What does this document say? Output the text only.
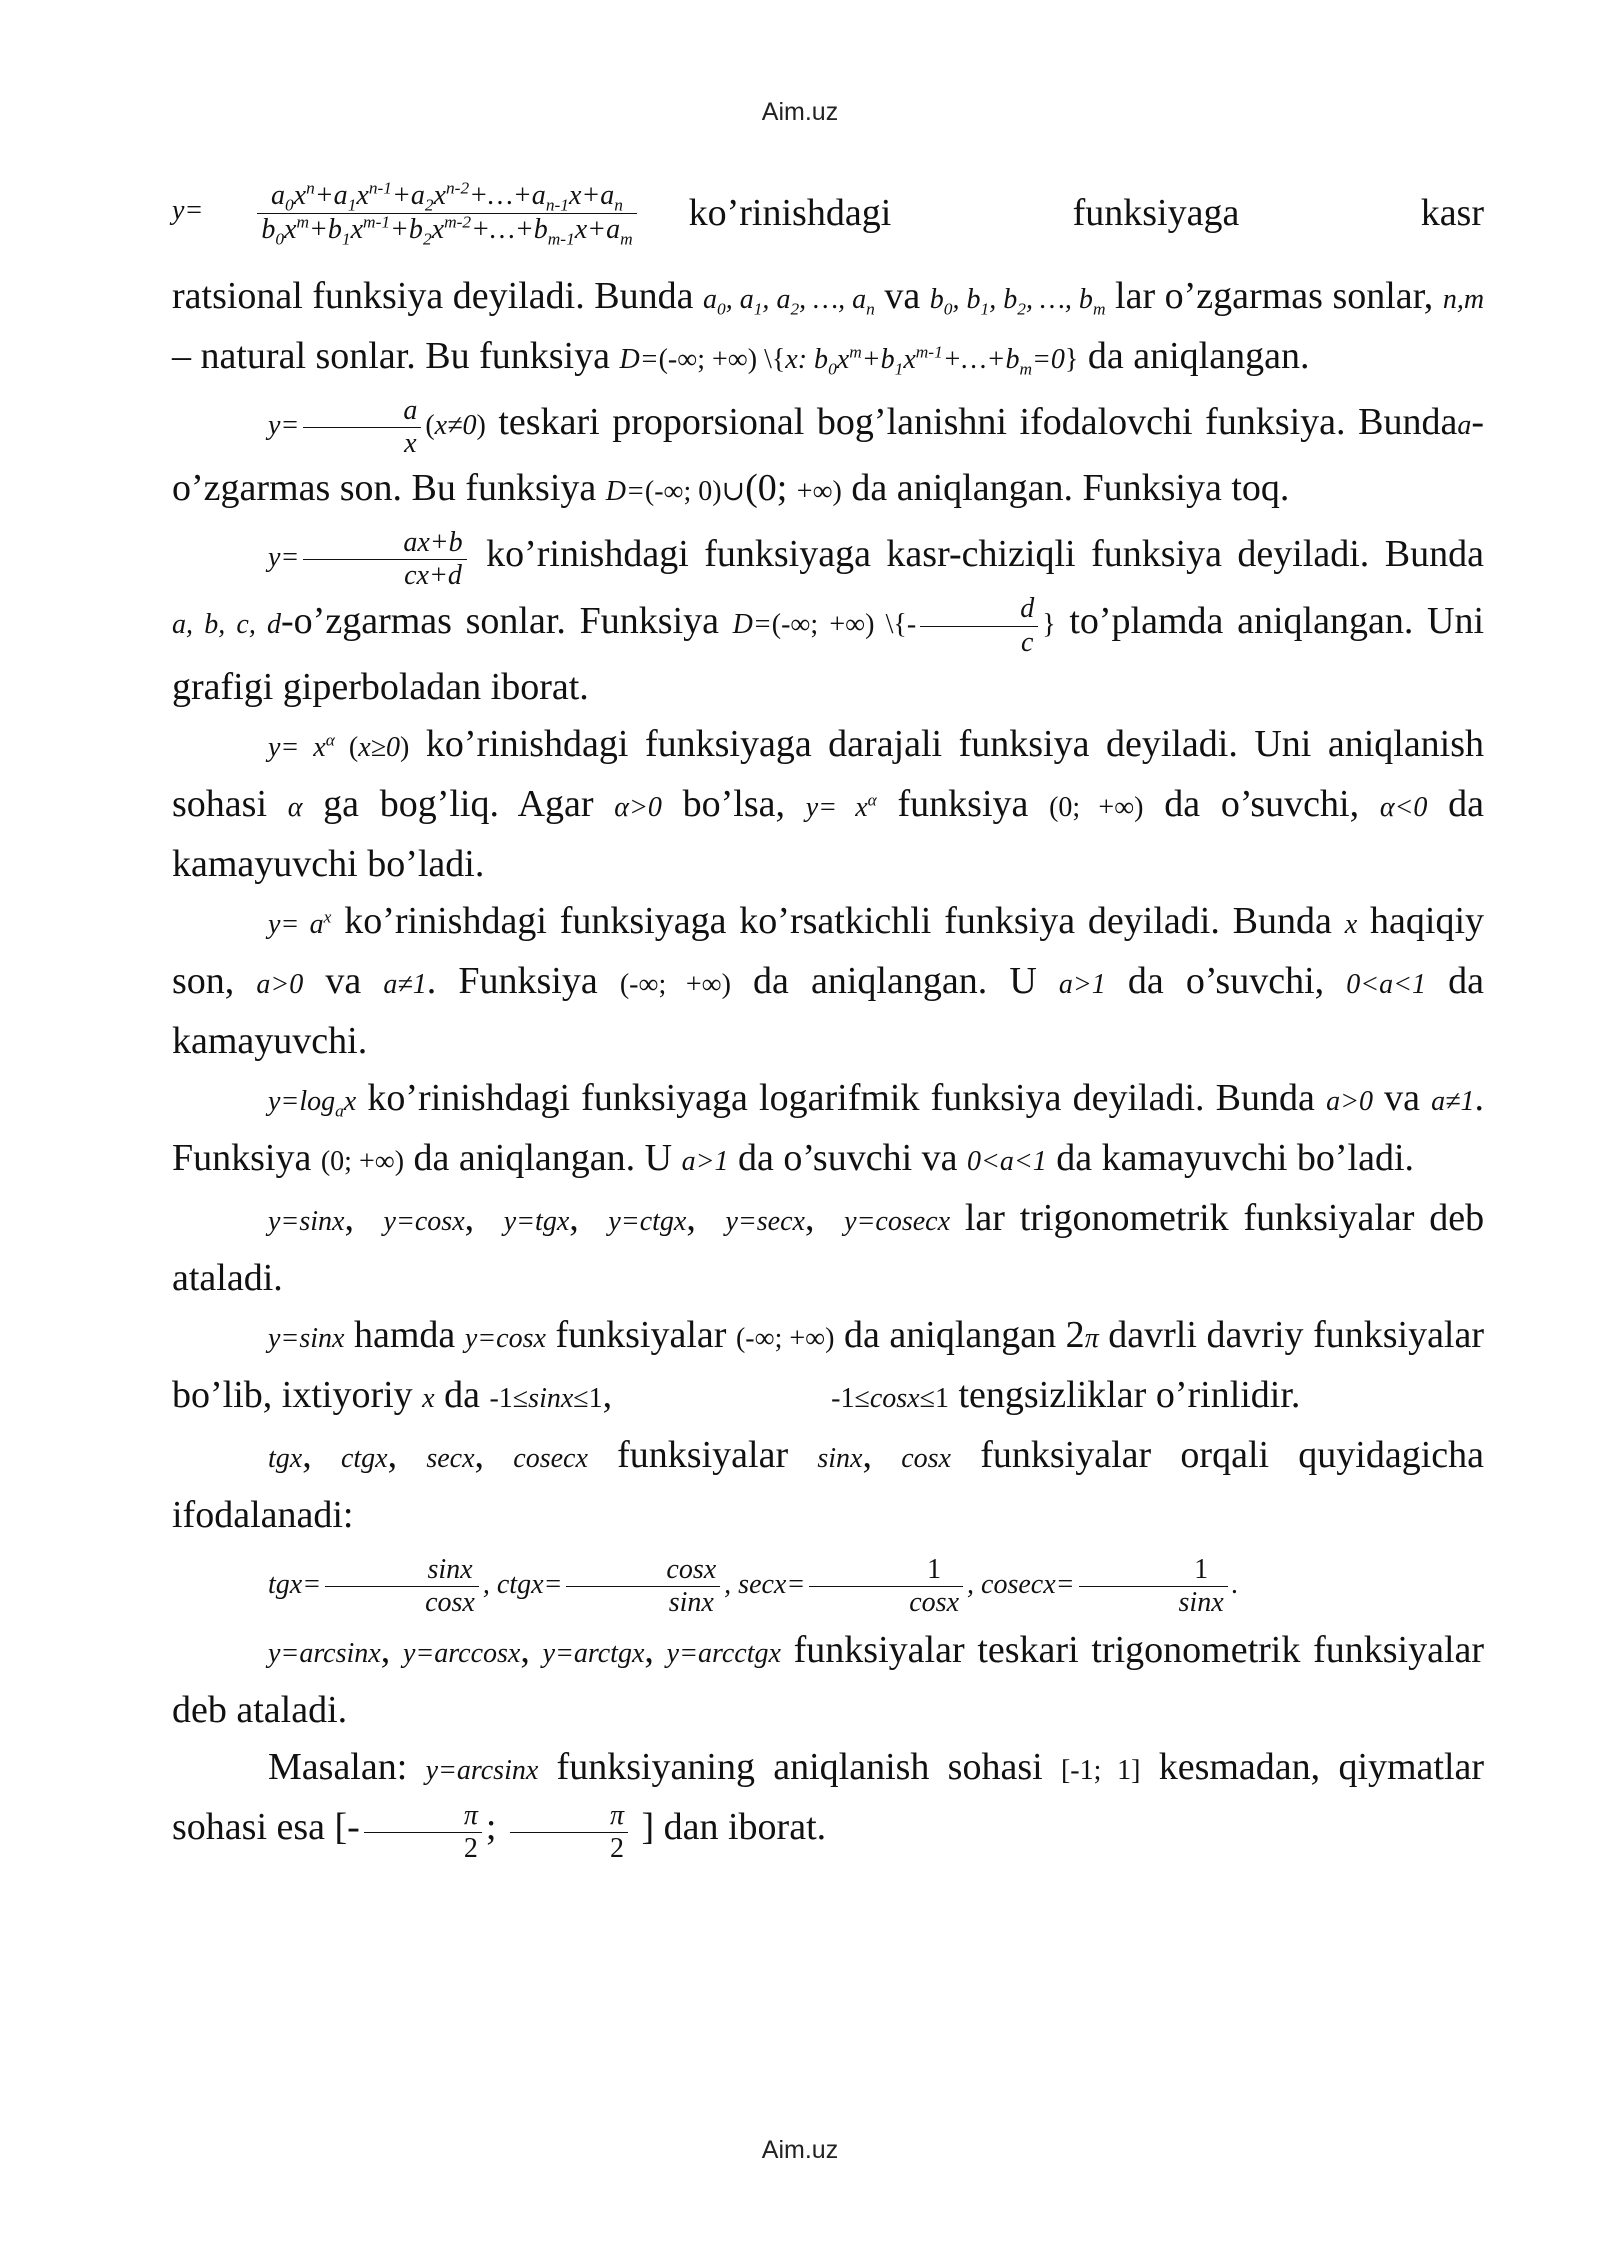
Aim.uz
$y= \frac{a_0x^n+a_1x^{n-1}+a_2x^{n-2}+\dots+a_{n-1}x+a_n}{b_0x^m+b_1x^{m-1}+b_2x^{m-2}+\dots+b_{m-1}x+a_m}$ ko’rinishdagi	funksiyaga	kasr

ratsional funksiya deyiladi. Bunda $a_0$, $a_1$, $a_2$, …, $a_n$ va $b_0$, $b_1$, $b_2$, …, $b_m$ lar o’zgarmas sonlar, n,m – natural sonlar. Bu funksiya D=(-∞; +∞) \{x: $b_0x^m+b_1x^{m-1}+\dots+b_m=0$} da aniqlangan.

$y= \frac{a}{x} (x\ne 0)$ teskari proporsional bog’lanishni ifodalovchi funksiya. Bundaa-o’zgarmas son. Bu funksiya D=(-∞; 0)∪(0; +∞) da aniqlangan. Funksiya toq.

$y= \frac{ax+b}{cx+d}$ ko’rinishdagi funksiyaga kasr-chiziqli funksiya deyiladi. Bunda a, b, c, d-o’zgarmas sonlar. Funksiya D=(-∞; +∞) \{- $\frac{d}{c}$ } to’plamda aniqlangan. Uni grafigi giperboladan iborat.

$y= x^\alpha$ (x≥0) ko’rinishdagi funksiyaga darajali funksiya deyiladi. Uni aniqlanish sohasi α ga bog’liq. Agar α>0 bo’lsa, $y= x^\alpha$ funksiya (0; +∞) da o’suvchi, α<0 da kamayuvchi bo’ladi.

$y= a^x$ ko’rinishdagi funksiyaga ko’rsatkichli funksiya deyiladi. Bunda x haqiqiy son, a>0 va a≠1. Funksiya (-∞; +∞) da aniqlangan. U a>1 da o’suvchi, 0<a<1 da kamayuvchi.

$y=\log_ax$ ko’rinishdagi funksiyaga logarifmik funksiya deyiladi. Bunda a>0 va a≠1. Funksiya (0; +∞) da aniqlangan. U a>1 da o’suvchi va 0<a<1 da kamayuvchi bo’ladi.

y=sinx,  y=cosx,  y=tgx,  y=ctgx,  y=secx,  y=cosecx lar trigonometrik funksiyalar deb ataladi.

y=sinx hamda y=cosx funksiyalar (-∞; +∞) da aniqlangan 2π davrli davriy funksiyalar bo’lib, ixtiyoriy x da -1≤sinx≤1,	-1≤cosx≤1 tengsizliklar o’rinlidir.

tgx, ctgx, secx, cosecx funksiyalar sinx, cosx funksiyalar orqali quyidagicha ifodalanadi:

$tgx= \frac{\sin x}{\cos x}$ , ctgx= $\frac{\cos x}{\sin x}$ , $\sec x= \frac{1}{\cos x}$ , $cosecx= \frac{1}{\sin x}$ .

y=arcsinx, y=arccosx, y=arctgx, y=arcctgx funksiyalar teskari trigonometrik funksiyalar deb ataladi.

Masalan: y=arcsinx funksiyaning aniqlanish sohasi [-1; 1] kesmadan, qiymatlar sohasi esa [- $\frac{\pi}{2}$ ; $\frac{\pi}{2}$ ] dan iborat.

Aim.uz
